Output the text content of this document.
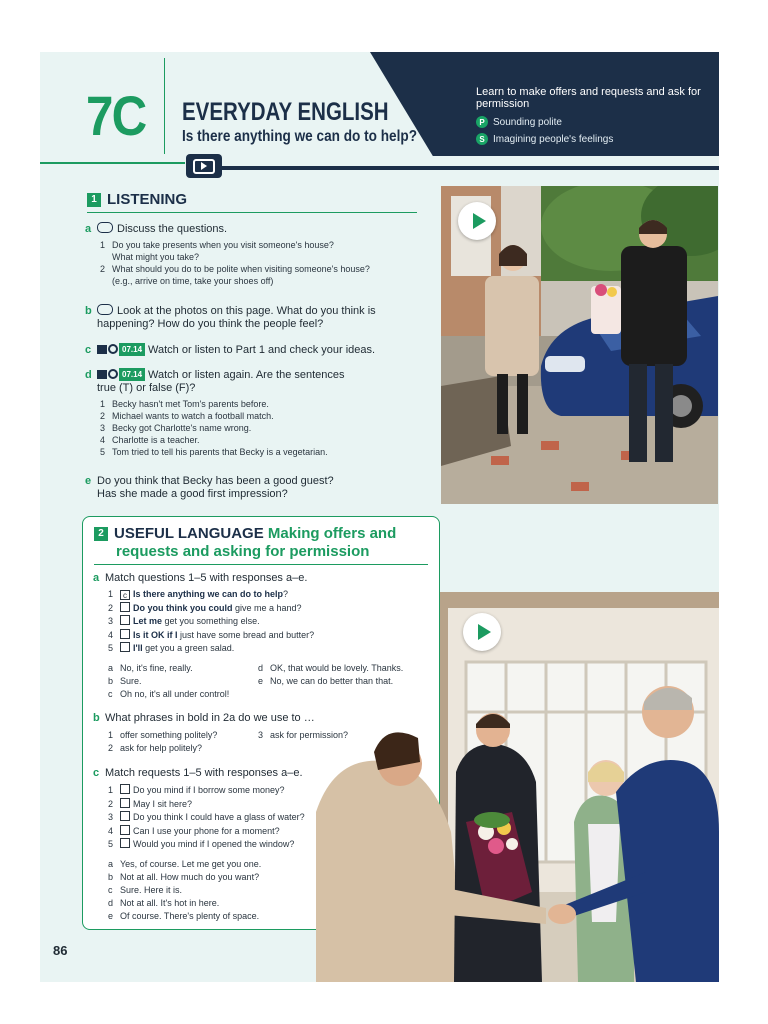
Learn to make offers and requests and ask for permission
P Sounding polite
S Imagining people's feelings
7C EVERYDAY ENGLISH
Is there anything we can do to help?
1 LISTENING
a Discuss the questions.
1 Do you take presents when you visit someone's house?
What might you take?
2 What should you do to be polite when visiting someone's house?
(e.g., arrive on time, take your shoes off)
b Look at the photos on this page. What do you think is
happening? How do you think the people feel?
c	07.14 Watch or listen to Part 1 and check your ideas.
d	07.14 Watch or listen again. Are the sentences
true (T) or false (F)?
1 Becky hasn't met Tom's parents before.
2 Michael wants to watch a football match.
3 Becky got Charlotte's name wrong.
4 Charlotte is a teacher.
5 Tom tried to tell his parents that Becky is a vegetarian.
e Do you think that Becky has been a good guest?
Has she made a good first impression?
2 USEFUL LANGUAGE
Making offers and
requests and asking for permission
a Match questions 1–5 with responses a–e.
1 c Is there anything we can do to help?
2 Do you think you could give me a hand?
3 Let me get you something else.
4 Is it OK if I just have some bread and butter?
5 I'll get you a green salad.
a No, it's fine, really.
b Sure.
c Oh no, it's all under control!
d OK, that would be lovely. Thanks.
e No, we can do better than that.
b What phrases in bold in 2a do we use to …
1 offer something politely?
2 ask for help politely?
3 ask for permission?
c Match requests 1–5 with responses a–e.
1 Do you mind if I borrow some money?
2 May I sit here?
3 Do you think I could have a glass of water?
4 Can I use your phone for a moment?
5 Would you mind if I opened the window?
a Yes, of course. Let me get you one.
b Not at all. How much do you want?
c Sure. Here it is.
d Not at all. It's hot in here.
e Of course. There's plenty of space.
86
